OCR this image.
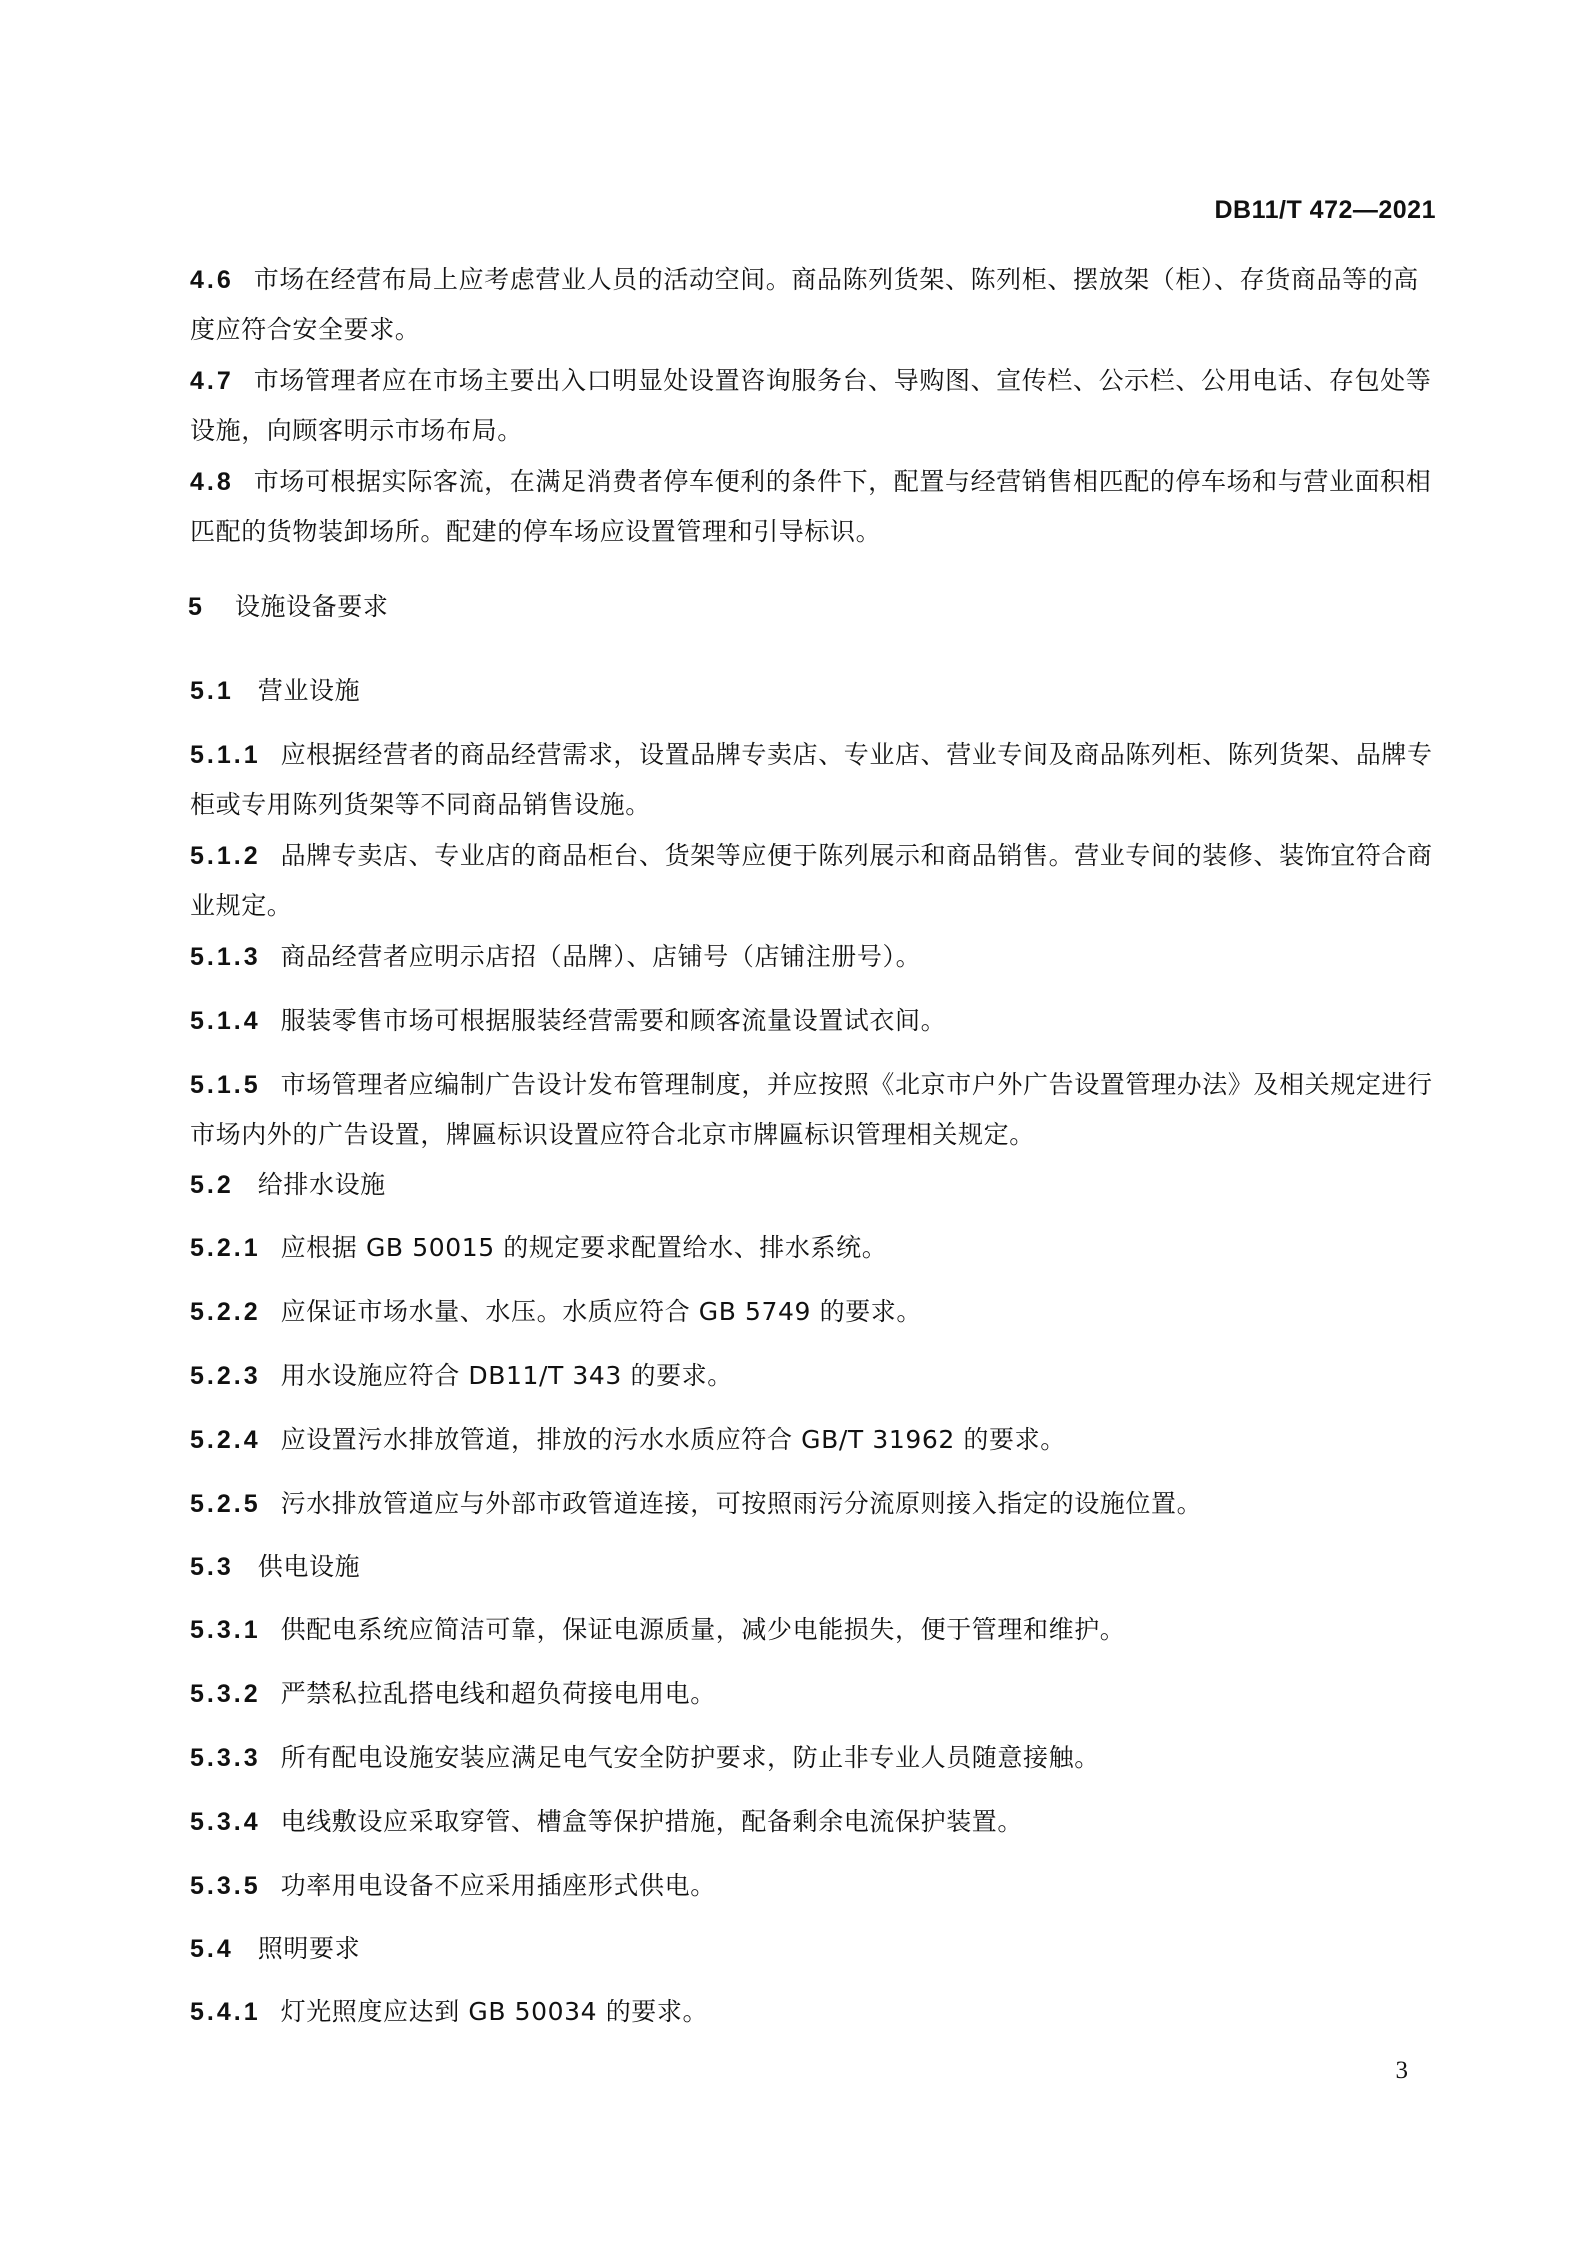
DB11/T 472—2021

4.6 市场在经营布局上应考虑营业人员的活动空间。商品陈列货架、陈列柜、摆放架（柜）、存货商品等的高度应符合安全要求。

4.7 市场管理者应在市场主要出入口明显处设置咨询服务台、导购图、宣传栏、公示栏、公用电话、存包处等设施，向顾客明示市场布局。

4.8 市场可根据实际客流，在满足消费者停车便利的条件下，配置与经营销售相匹配的停车场和与营业面积相匹配的货物装卸场所。配建的停车场应设置管理和引导标识。

5 设施设备要求
5.1 营业设施

5.1.1 应根据经营者的商品经营需求，设置品牌专卖店、专业店、营业专间及商品陈列柜、陈列货架、品牌专柜或专用陈列货架等不同商品销售设施。

5.1.2 品牌专卖店、专业店的商品柜台、货架等应便于陈列展示和商品销售。营业专间的装修、装饰宜符合商业规定。

5.1.3 商品经营者应明示店招（品牌）、店铺号（店铺注册号）。

5.1.4 服装零售市场可根据服装经营需要和顾客流量设置试衣间。

5.1.5 市场管理者应编制广告设计发布管理制度，并应按照《北京市户外广告设置管理办法》及相关规定进行市场内外的广告设置，牌匾标识设置应符合北京市牌匾标识管理相关规定。

5.2 给排水设施

5.2.1 应根据 GB 50015 的规定要求配置给水、排水系统。

5.2.2 应保证市场水量、水压。水质应符合 GB 5749 的要求。

5.2.3 用水设施应符合 DB11/T 343 的要求。

5.2.4 应设置污水排放管道，排放的污水水质应符合 GB/T 31962 的要求。

5.2.5 污水排放管道应与外部市政管道连接，可按照雨污分流原则接入指定的设施位置。

5.3 供电设施

5.3.1 供配电系统应简洁可靠，保证电源质量，减少电能损失，便于管理和维护。

5.3.2 严禁私拉乱搭电线和超负荷接电用电。

5.3.3 所有配电设施安装应满足电气安全防护要求，防止非专业人员随意接触。

5.3.4 电线敷设应采取穿管、槽盒等保护措施，配备剩余电流保护装置。

5.3.5 功率用电设备不应采用插座形式供电。

5.4 照明要求

5.4.1 灯光照度应达到 GB 50034 的要求。

3
